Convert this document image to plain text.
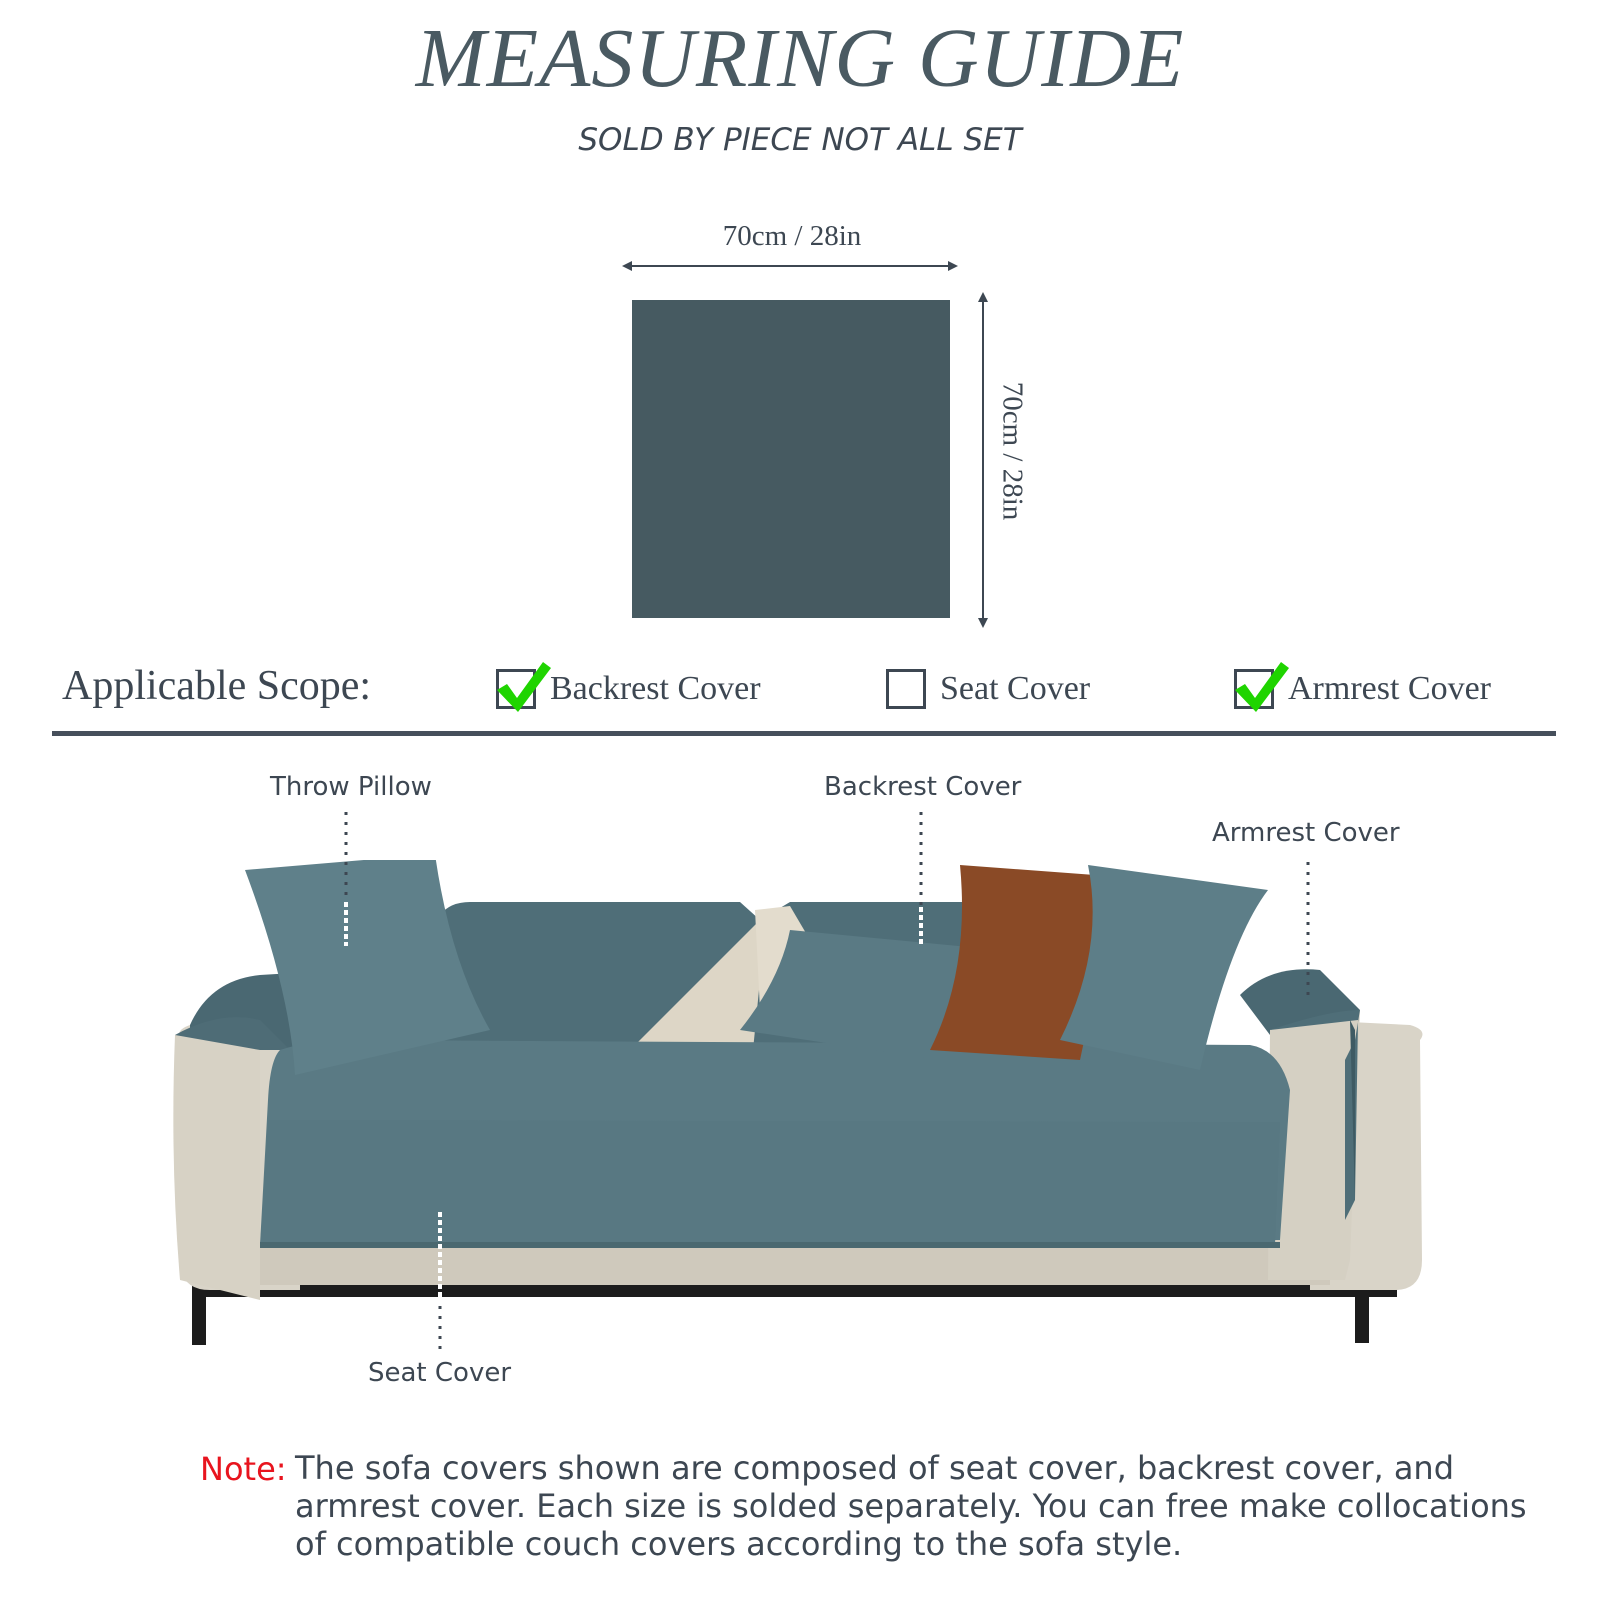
MEASURING GUIDE
SOLD BY PIECE NOT ALL SET
70cm / 28in
70cm / 28in
Applicable Scope:	Backrest Cover	Seat Cover	Armrest Cover
Throw Pillow	Backrest Cover
Armrest Cover
Seat Cover
Note: The sofa covers shown are composed of seat cover, backrest cover, and armrest cover. Each size is solded separately. You can free make collocations of compatible couch covers according to the sofa style.
